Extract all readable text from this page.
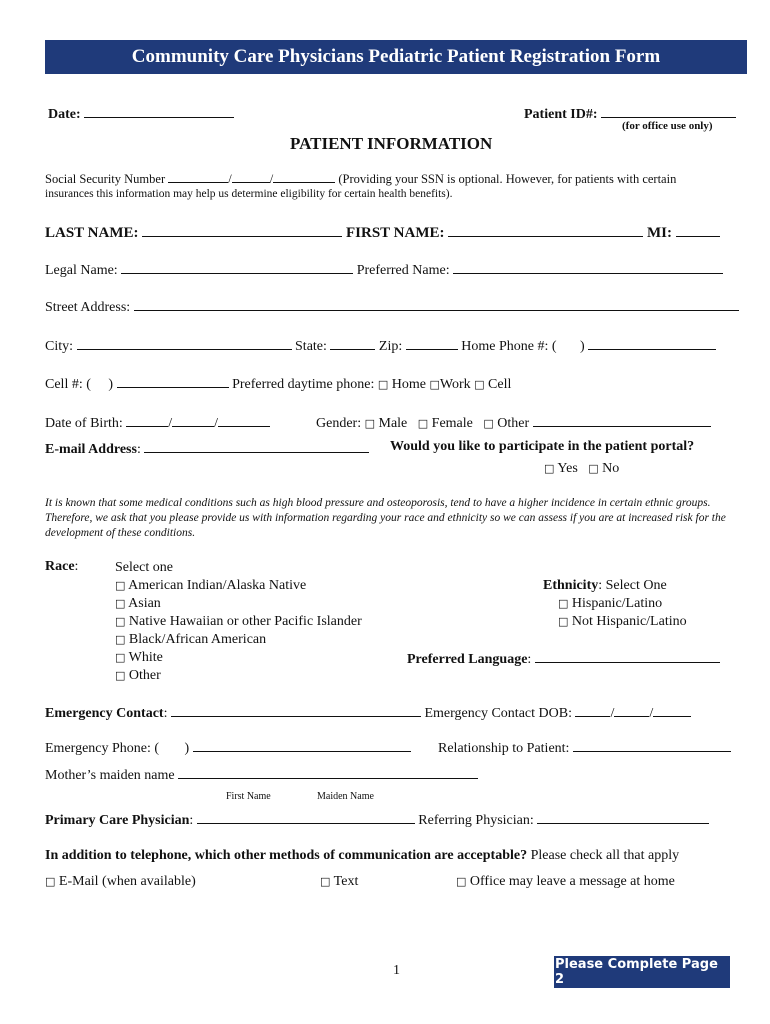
Community Care Physicians Pediatric Patient Registration Form
Date:	Patient ID#:
(for office use only)
PATIENT INFORMATION
Social Security Number	/	/	(Providing your SSN is optional. However, for patients with certain
insurances this information may help us determine eligibility for certain health benefits).
LAST NAME:	FIRST NAME:	MI:
Legal Name:	Preferred Name:
Street Address:
City:	State:	Zip:	Home Phone #: ( )
Cell #: ( )	Preferred daytime phone: □ Home □Work □ Cell
Date of Birth:	/	/	Gender: □ Male □ Female □ Other
E-mail Address:	Would you like to participate in the patient portal?
□ Yes □ No
It is known that some medical conditions such as high blood pressure and osteoporosis, tend to have a higher incidence in certain ethnic groups. Therefore, we ask that you please provide us with information regarding your race and ethnicity so we can assess if you are at increased risk for the development of these conditions.
Race:	Select one
□ American Indian/Alaska Native
□ Asian
□ Native Hawaiian or other Pacific Islander
□ Black/African American
□ White
□ Other
Ethnicity: Select One
□ Hispanic/Latino
□ Not Hispanic/Latino
Preferred Language:
Emergency Contact:	Emergency Contact DOB:	/	/
Emergency Phone: ( )	Relationship to Patient:
Mother’s maiden name
First Name	Maiden Name
Primary Care Physician:	Referring Physician:
In addition to telephone, which other methods of communication are acceptable? Please check all that apply
□ E-Mail (when available)	□ Text	□ Office may leave a message at home
1	Please Complete Page 2
